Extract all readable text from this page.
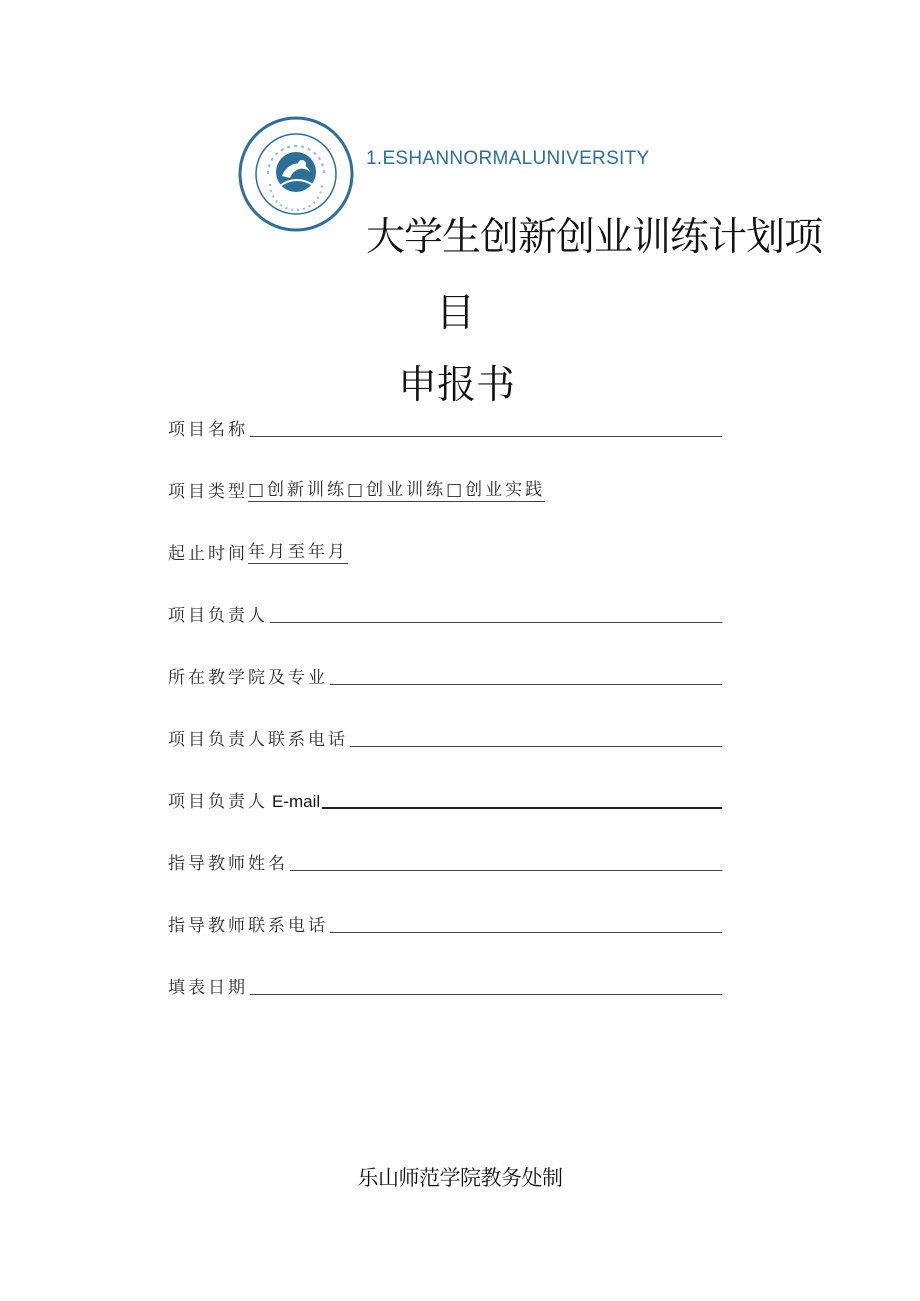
1.ESHANNORMALUNIVERSITY
大学生创新创业训练计划项
目
申报书
项目名称
项目类型 □创新训练□创业训练□创业实践
起止时间 年月至年月
项目负责人
所在教学院及专业
项目负责人联系电话
项目负责人 E-mail
指导教师姓名
指导教师联系电话
填表日期
乐山师范学院教务处制
